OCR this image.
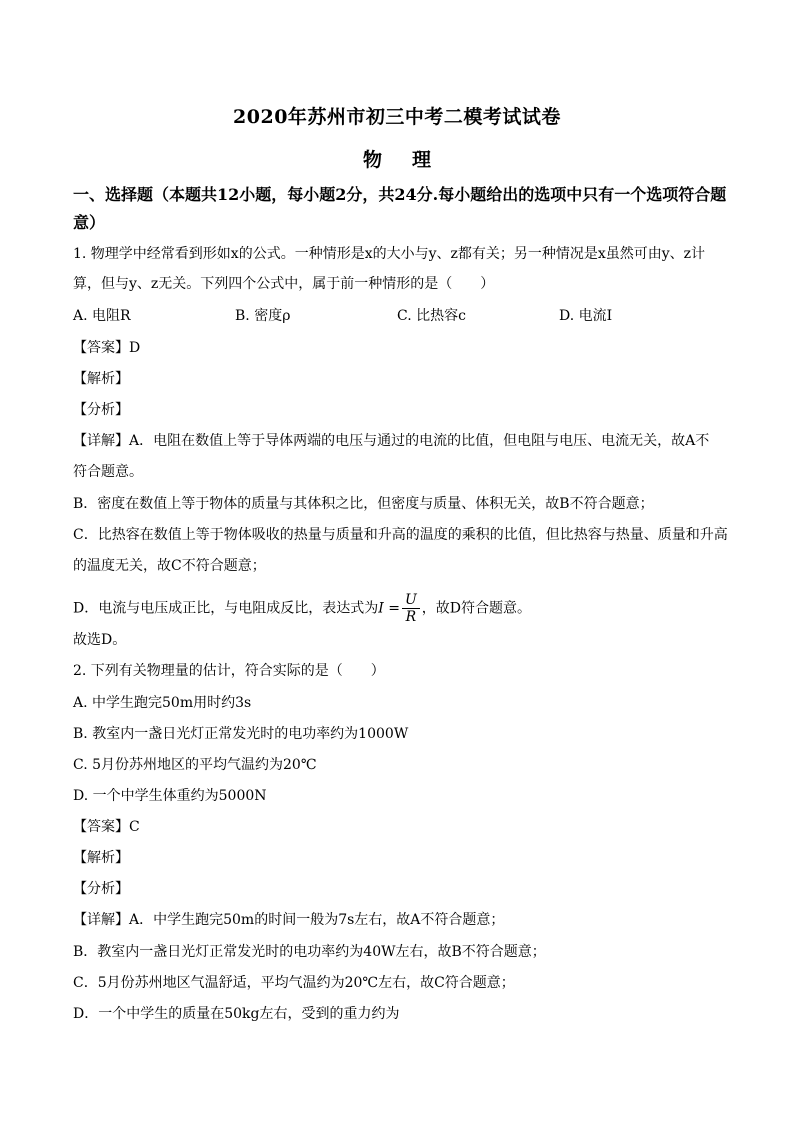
2020年苏州市初三中考二模考试试卷
物 理
一、选择题（本题共12小题，每小题2分，共24分.每小题给出的选项中只有一个选项符合题意）
1. 物理学中经常看到形如x的公式。一种情形是x的大小与y、z都有关；另一种情况是x虽然可由y、z计
算，但与y、z无关。下列四个公式中，属于前一种情形的是（　　）
A. 电阻R	B. 密度ρ	C. 比热容c	D. 电流I
【答案】D
【解析】
【分析】
【详解】A．电阻在数值上等于导体两端的电压与通过的电流的比值，但电阻与电压、电流无关，故A不
符合题意。
B．密度在数值上等于物体的质量与其体积之比，但密度与质量、体积无关，故B不符合题意；
C．比热容在数值上等于物体吸收的热量与质量和升高的温度的乘积的比值，但比热容与热量、质量和升高
的温度无关，故C不符合题意；
D．电流与电压成正比，与电阻成反比，表达式为$I = \frac{U}{R}$ ，故D符合题意。
故选D。
2. 下列有关物理量的估计，符合实际的是（　　）
A. 中学生跑完50m用时约3s
B. 教室内一盏日光灯正常发光时的电功率约为1000W
C. 5月份苏州地区的平均气温约为20℃
D. 一个中学生体重约为5000N
【答案】C
【解析】
【分析】
【详解】A．中学生跑完50m的时间一般为7s左右，故A不符合题意；
B．教室内一盏日光灯正常发光时的电功率约为40W左右，故B不符合题意；
C．5月份苏州地区气温舒适，平均气温约为20℃左右，故C符合题意；
D．一个中学生的质量在50kg左右，受到的重力约为
